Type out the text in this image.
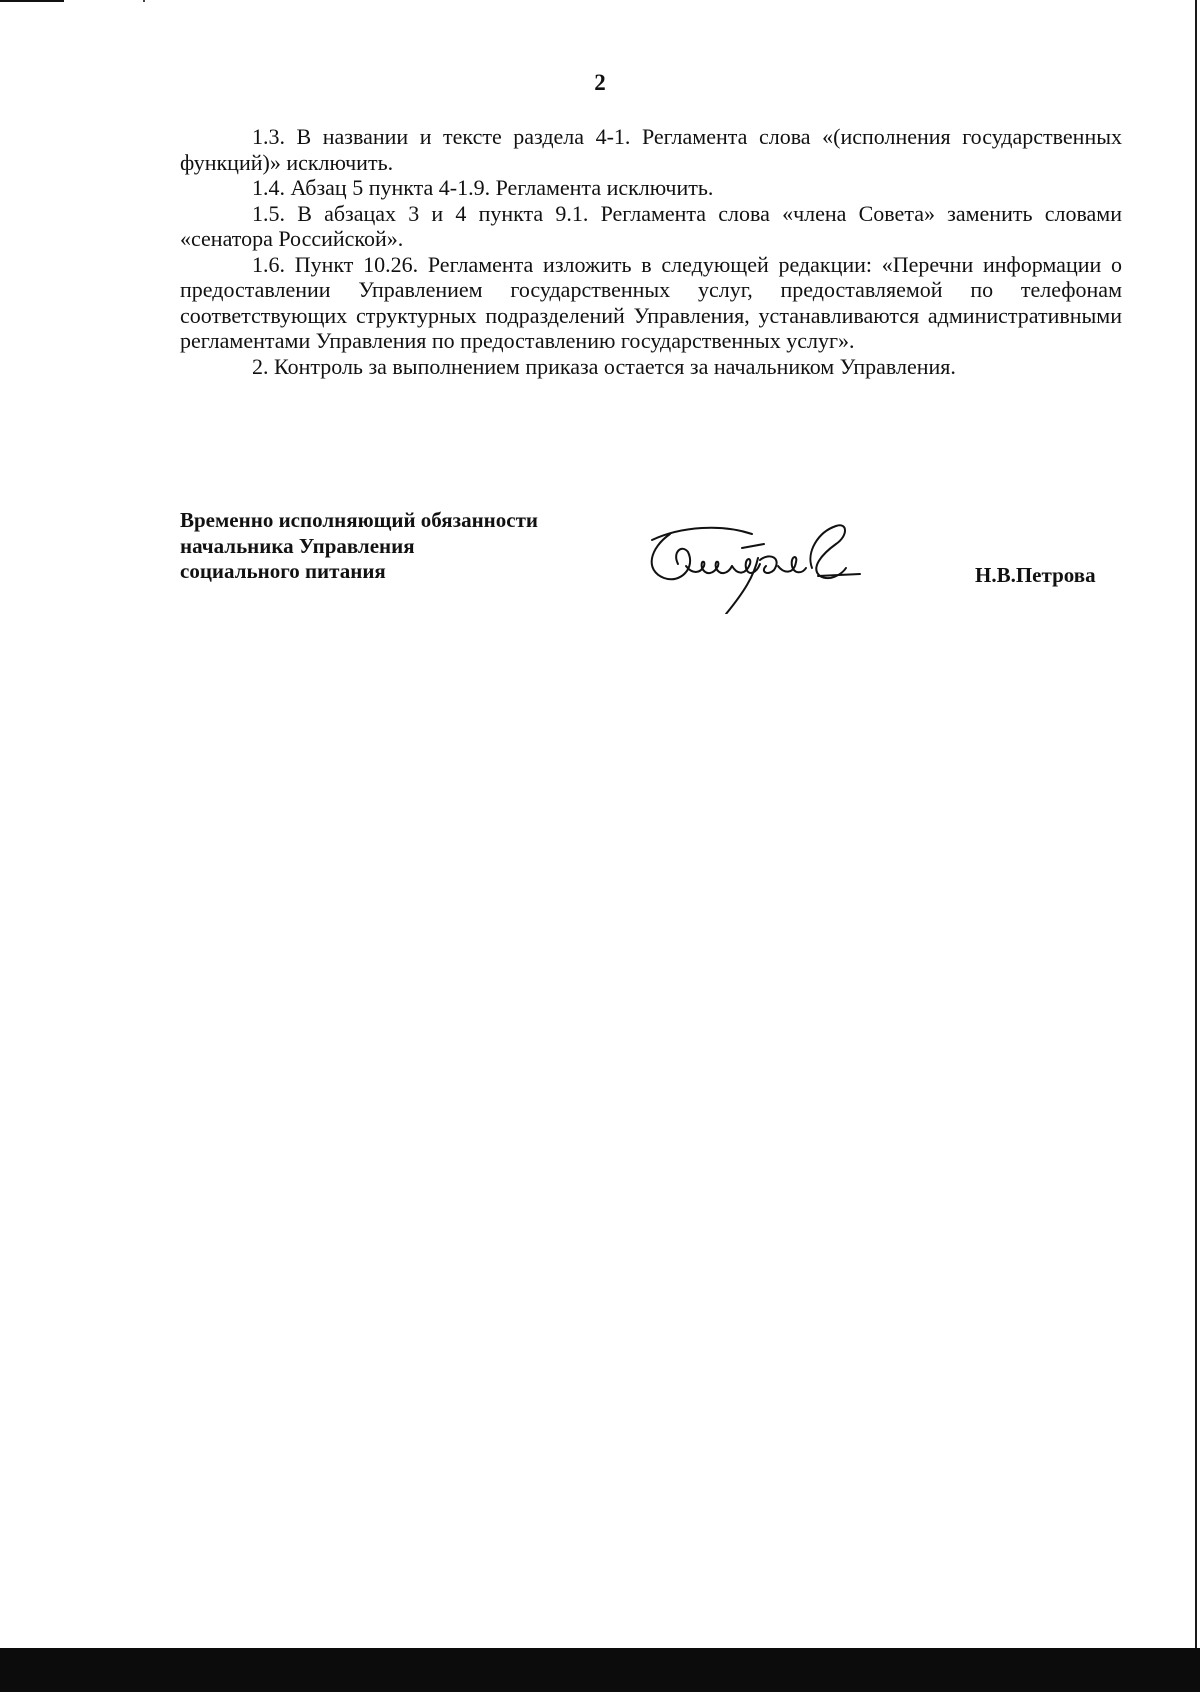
2

1.3. В названии и тексте раздела 4-1. Регламента слова «(исполнения государственных функций)» исключить.

1.4. Абзац 5 пункта 4-1.9. Регламента исключить.

1.5. В абзацах 3 и 4 пункта 9.1. Регламента слова «члена Совета» заменить словами «сенатора Российской».

1.6. Пункт 10.26. Регламента изложить в следующей редакции: «Перечни информации о предоставлении Управлением государственных услуг, предоставляемой по телефонам соответствующих структурных подразделений Управления, устанавливаются административными регламентами Управления по предоставлению государственных услуг».

2. Контроль за выполнением приказа остается за начальником Управления.

Временно исполняющий обязанности
начальника Управления
социального питания	Н.В.Петрова
